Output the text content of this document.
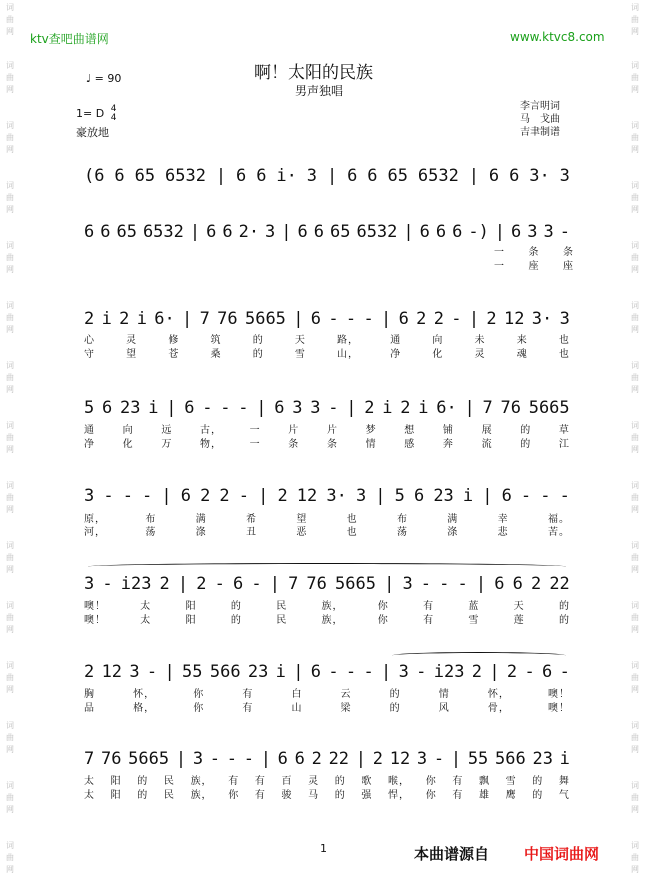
词
曲
网
词
曲
网
词
曲
网
词
曲
网
词
曲
网
词
曲
网
词
曲
网
词
曲
网
词
曲
网
词
曲
网
词
曲
网
词
曲
网
词
曲
网
词
曲
网
词
曲
网
词
曲
网
词
曲
网
词
曲
网
词
曲
网
词
曲
网
词
曲
网
词
曲
网
词
曲
网
词
曲
网
词
曲
网
词
曲
网
词
曲
网
词
曲
网
词
曲
网
词
曲
网
ktv查吧曲谱网	www.ktvc8.com
啊！太阳的民族
男声独唱
♩ = 90
1= D 4
4
豪放地
李言明词
马　戈曲
吉聿制谱
(6 6 65 6532 | 6 6 i· 3 | 6 6 65 6532 | 6 6 3· 3
6 6 65 6532 | 6 6 2· 3 | 6 6 65 6532 | 6 6 6 -) | 6 3 3 -
一 条 条
一 座 座
2 i 2 i 6· | 7 76 5665 | 6 - - - | 6 2 2 - | 2 12 3· 3
心	灵	修	筑	的	天	路，	通	向	未	来	也
守	望	苍	桑	的	雪	山，	净	化	灵	魂	也
5 6 23 i | 6 - - - | 6 3 3 - | 2 i 2 i 6· | 7 76 5665
通	向	远	古，	一	片	片	梦	想	铺	展	的	草
净	化	万	物，	一	条	条	情	感	奔	流	的	江
3 - - - | 6 2 2 - | 2 12 3· 3 | 5 6 23 i | 6 - - -
原，	布	满	希	望	也	布	满	幸	福。
河，	荡	涤	丑	恶	也	荡	涤	悲	苦。
3 - i23 2 | 2 - 6 - | 7 76 5665 | 3 - - - | 6 6 2 22
噢！	太	阳	的	民	族，	你	有	蓝	天	的
噢！	太	阳	的	民	族，	你	有	雪	莲	的
2 12 3 - | 55 566 23 i | 6 - - - | 3 - i23 2 | 2 - 6 -
胸	怀，	你	有	白	云	的	情	怀，	噢！
品	格，	你	有	山	梁	的	风	骨，	噢！
7 76 5665 | 3 - - - | 6 6 2 22 | 2 12 3 - | 55 566 23 i
太 阳 的 民 族， 有 有 百 灵 的 歌 喉， 你 有 飘 雪 的 舞
太 阳 的 民 族， 你 有 骏 马 的 强 悍， 你 有 雄 鹰 的 气
1	本曲谱源自 中国词曲网
